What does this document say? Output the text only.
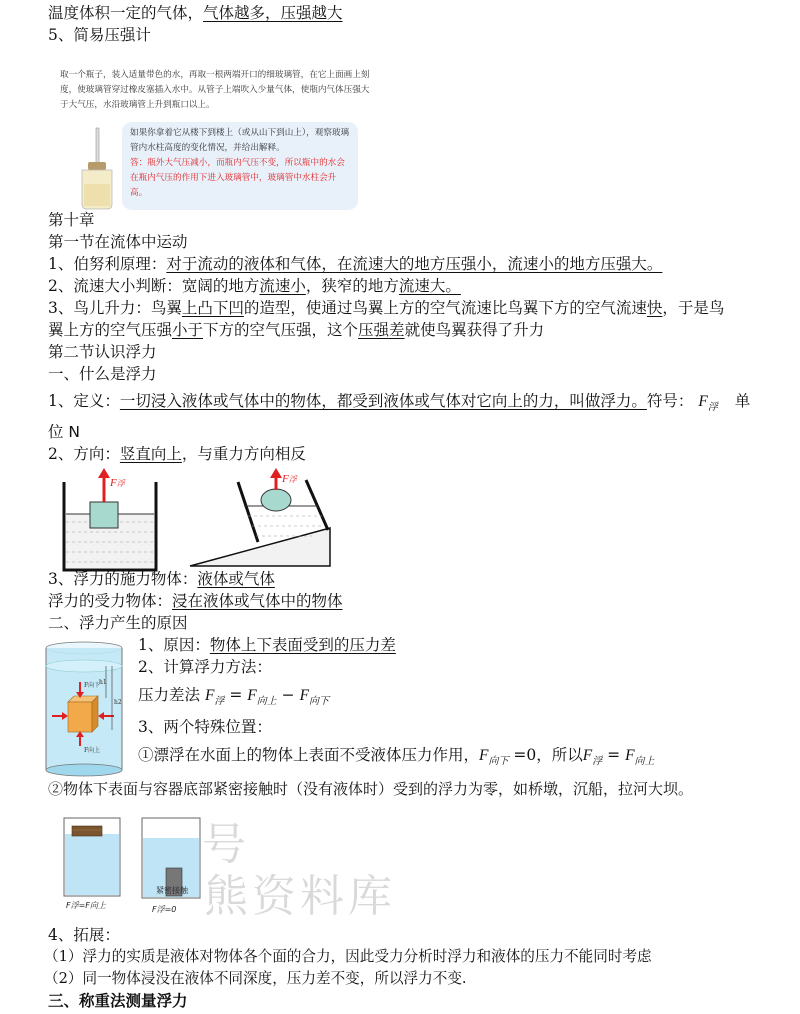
温度体积一定的气体，气体越多，压强越大
5、简易压强计
取一个瓶子，装入适量带色的水，再取一根两端开口的细玻璃管，在它上面画上刻度，使玻璃管穿过橡皮塞插入水中。从管子上端吹入少量气体，使瓶内气体压强大于大气压，水沿玻璃管上升到瓶口以上。
如果你拿着它从楼下到楼上（或从山下到山上），观察玻璃管内水柱高度的变化情况，并给出解释。
答：瓶外大气压减小，而瓶内气压不变，所以瓶中的水会在瓶内气压的作用下进入玻璃管中，玻璃管中水柱会升高。
第十章
第一节在流体中运动
1、伯努利原理：对于流动的液体和气体，在流速大的地方压强小，流速小的地方压强大。
2、流速大小判断：宽阔的地方流速小，狭窄的地方流速大。
3、鸟儿升力：鸟翼上凸下凹的造型，使通过鸟翼上方的空气流速比鸟翼下方的空气流速快，于是鸟
翼上方的空气压强小于下方的空气压强，这个压强差就使鸟翼获得了升力
第二节认识浮力
一、什么是浮力
1、定义：一切浸入液体或气体中的物体，都受到液体或气体对它向上的力，叫做浮力。符号： $F_浮$ 单
位 N
2、方向：竖直向上，与重力方向相反
F浮	F浮
3、浮力的施力物体：液体或气体
浮力的受力物体：浸在液体或气体中的物体
二、浮力产生的原因
F向下
F向上
h1
h2
1、原因：物体上下表面受到的压力差
2、计算浮力方法：
压力差法 $F_浮 = F_{向上} - F_{向下}$
3、两个特殊位置：
①漂浮在水面上的物体上表面不受液体压力作用，$F_{向下} =0$，所以$F_浮 = F_{向上}$
②物体下表面与容器底部紧密接触时（没有液体时）受到的浮力为零，如桥墩，沉船，拉河大坝。
号
熊资料库
紧密接触
F浮=F向上	F浮=0
4、拓展：
（1）浮力的实质是液体对物体各个面的合力，因此受力分析时浮力和液体的压力不能同时考虑
（2）同一物体浸没在液体不同深度，压力差不变，所以浮力不变.
三、称重法测量浮力
